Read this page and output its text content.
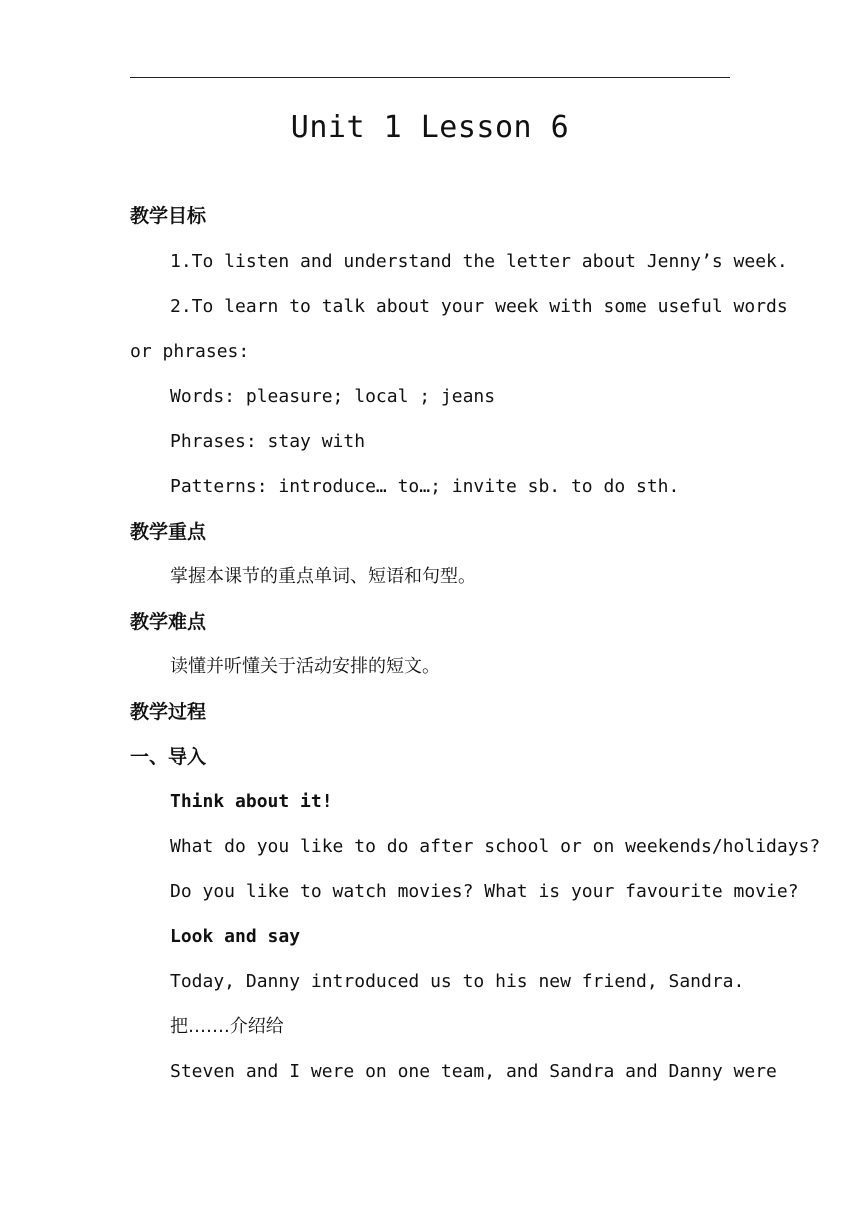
Unit 1 Lesson 6
教学目标
1.To listen and understand the letter about Jenny’s week.
2.To learn to talk about your week with some useful words
or phrases:
Words: pleasure; local ; jeans
Phrases: stay with
Patterns: introduce… to…; invite sb. to do sth.
教学重点
掌握本课节的重点单词、短语和句型。
教学难点
读懂并听懂关于活动安排的短文。
教学过程
一、导入
Think about it!
What do you like to do after school or on weekends/holidays?
Do you like to watch movies? What is your favourite movie?
Look and say
Today, Danny introduced us to his new friend, Sandra.
把…….介绍给
Steven and I were on one team, and Sandra and Danny were
